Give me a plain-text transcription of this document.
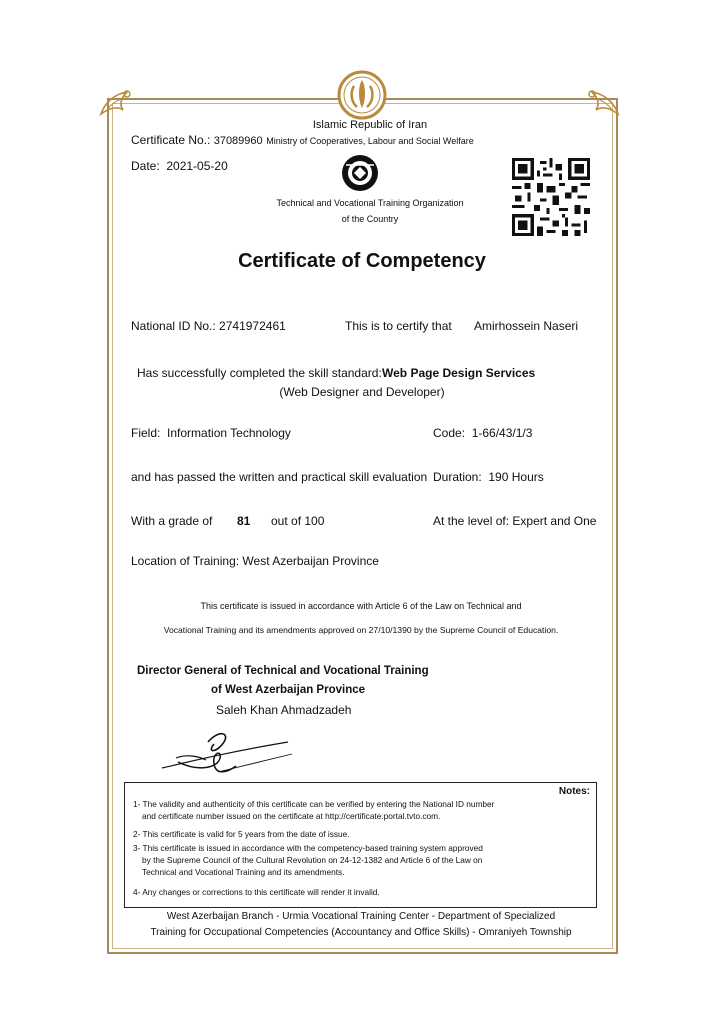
Certificate No.: 37089960
Date: 2021-05-20
Islamic Republic of Iran
Ministry of Cooperatives, Labour and Social Welfare
Technical and Vocational Training Organization
of the Country
Certificate of Competency
National ID No.: 2741972461	This is to certify that Amirhossein Naseri
Has successfully completed the skill standard: Web Page Design Services
(Web Designer and Developer)
Field: Information Technology	Code: 1-66/43/1/3
and has passed the written and practical skill evaluation Duration: 190 Hours
With a grade of 81 out of 100	At the level of: Expert and One
Location of Training: West Azerbaijan Province
This certificate is issued in accordance with Article 6 of the Law on Technical and
Vocational Training and its amendments approved on 27/10/1390 by the Supreme Council of Education.
Director General of Technical and Vocational Training
of West Azerbaijan Province
Saleh Khan Ahmadzadeh
Notes:
1- The validity and authenticity of this certificate can be verified by entering the National ID number
and certificate number issued on the certificate at http://certificate.portal.tvto.com.
2- This certificate is valid for 5 years from the date of issue.
3- This certificate is issued in accordance with the competency-based training system approved
by the Supreme Council of the Cultural Revolution on 24-12-1382 and Article 6 of the Law on
Technical and Vocational Training and its amendments.
4- Any changes or corrections to this certificate will render it invalid.
West Azerbaijan Branch - Urmia Vocational Training Center - Department of Specialized
Training for Occupational Competencies (Accountancy and Office Skills) - Omraniyeh Township
